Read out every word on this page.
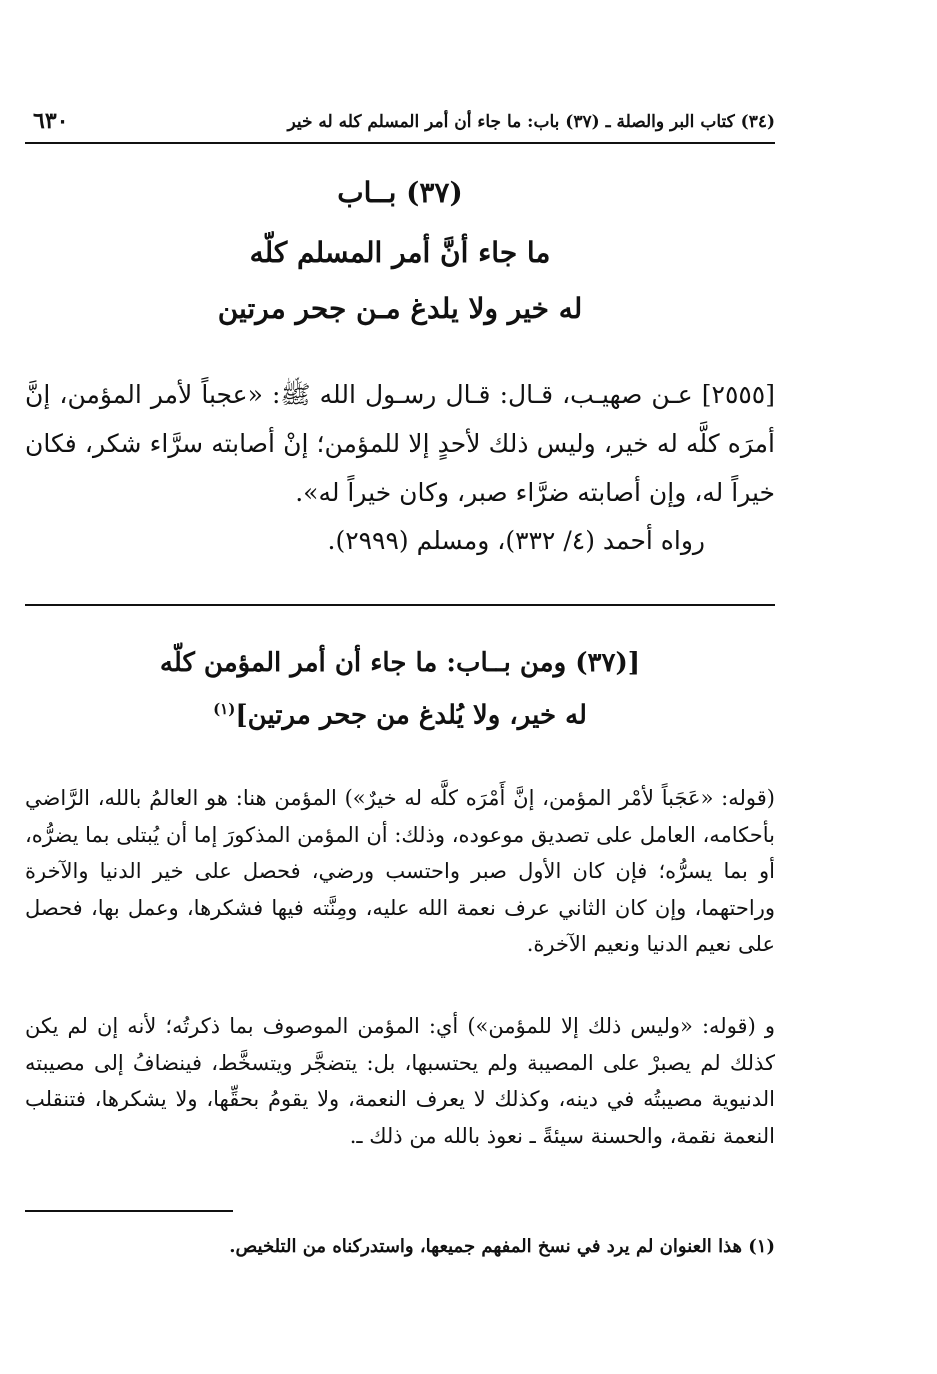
(٣٤) كتاب البر والصلة ـ (٣٧) باب: ما جاء أن أمر المسلم كله له خير
٦٣٠
(٣٧) بــاب
ما جاء أنَّ أمر المسلم كلّه
له خير ولا يلدغ مـن جحر مرتين

[٢٥٥٥] عـن صهيـب، قـال: قـال رسـول الله ﷺ: «عجباً لأمر المؤمن، إنَّ أمرَه كلَّه له خير، وليس ذلك لأحدٍ إلا للمؤمن؛ إنْ أصابته سرَّاء شكر، فكان خيراً له، وإن أصابته ضرَّاء صبر، وكان خيراً له».

رواه أحمد (٤/ ٣٣٢)، ومسلم (٢٩٩٩).
[(٣٧) ومن بــاب: ما جاء أن أمر المؤمن كلّه
له خير، ولا يُلدغ من جحر مرتين]$^{(١)}$

(قوله: «عَجَباً لأمْر المؤمن، إنَّ أَمْرَه كلَّه له خيرٌ») المؤمن هنا: هو العالمُ بالله، الرَّاضي بأحكامه، العامل على تصديق موعوده، وذلك: أن المؤمن المذكورَ إما أن يُبتلى بما يضرُّه، أو بما يسرُّه؛ فإن كان الأول صبر واحتسب ورضي، فحصل على خير الدنيا والآخرة وراحتهما، وإن كان الثاني عرف نعمة الله عليه، ومِنَّته فيها فشكرها، وعمل بها، فحصل على نعيم الدنيا ونعيم الآخرة.

و (قوله: «وليس ذلك إلا للمؤمن») أي: المؤمن الموصوف بما ذكرتُه؛ لأنه إن لم يكن كذلك لم يصبرْ على المصيبة ولم يحتسبها، بل: يتضجَّر ويتسخَّط، فينضافُ إلى مصيبته الدنيوية مصيبتُه في دينه، وكذلك لا يعرف النعمة، ولا يقومُ بحقِّها، ولا يشكرها، فتنقلب النعمة نقمة، والحسنة سيئةً ـ نعوذ بالله من ذلك ـ.

(١) هذا العنوان لم يرد في نسخ المفهم جميعها، واستدركناه من التلخيص.
